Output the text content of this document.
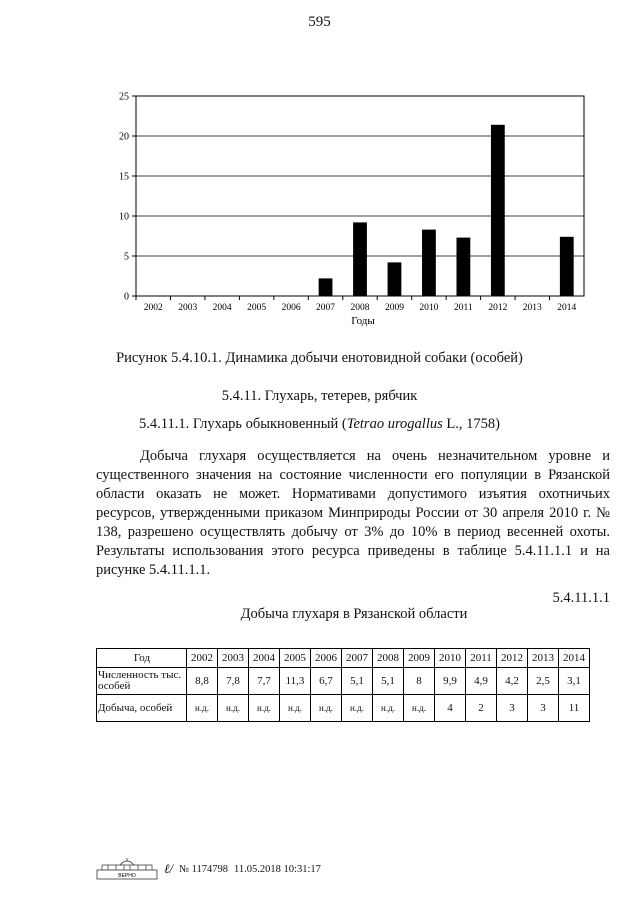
595
0
5
10
15
20
25
2002 2003 2004 2005 2006 2007 2008 2009 2010 2011 2012 2013 2014
Годы
Рисунок 5.4.10.1. Динамика добычи енотовидной собаки (особей)
5.4.11. Глухарь, тетерев, рябчик
5.4.11.1. Глухарь обыкновенный (Tetrao urogallus L., 1758)
Добыча глухаря осуществляется на очень незначительном уровне и существенного значения на состояние численности его популяции в Рязанской области оказать не может. Нормативами допустимого изъятия охотничьих ресурсов, утвержденными приказом Минприроды России от 30 апреля 2010 г. № 138, разрешено осуществлять добычу от 3% до 10% в период весенней охоты. Результаты использования этого ресурса приведены в таблице 5.4.11.1.1 и на рисунке 5.4.11.1.1.
5.4.11.1.1
Добыча глухаря в Рязанской области
Год	2002	2003	2004	2005	2006	2007	2008	2009	2010	2011	2012	2013	2014
Численность тыс. особей	8,8	7,8	7,7	11,3	6,7	5,1	5,1	8	9,9	4,9	4,2	2,5	3,1
Добыча, особей	н.д.	н.д.	н.д.	н.д.	н.д.	н.д.	н.д.	н.д.	4	2	3	3	11
ВЕРНО ℓ/ № 1174798 11.05.2018 10:31:17
